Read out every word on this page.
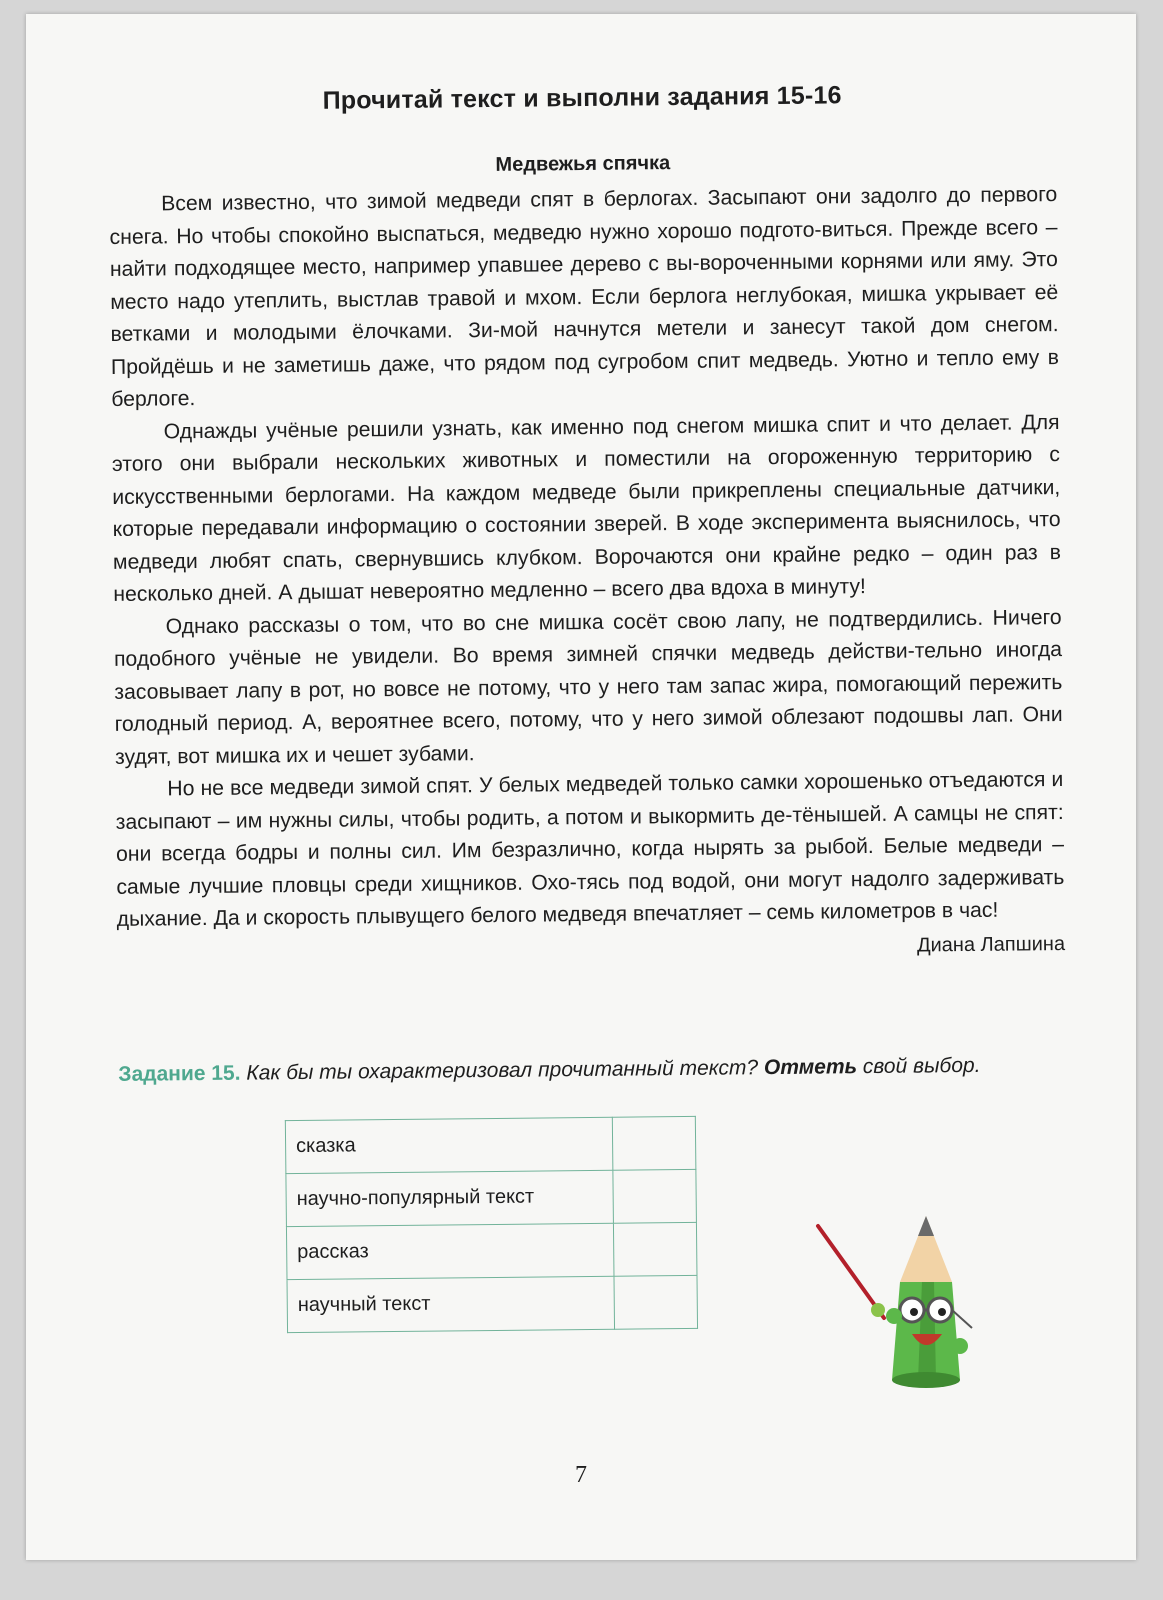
Прочитай текст и выполни задания 15-16
Медвежья спячка

Всем известно, что зимой медведи спят в берлогах. Засыпают они задолго до первого снега. Но чтобы спокойно выспаться, медведю нужно хорошо подгото-виться. Прежде всего – найти подходящее место, например упавшее дерево с вы-вороченными корнями или яму. Это место надо утеплить, выстлав травой и мхом. Если берлога неглубокая, мишка укрывает её ветками и молодыми ёлочками. Зи-мой начнутся метели и занесут такой дом снегом. Пройдёшь и не заметишь даже, что рядом под сугробом спит медведь. Уютно и тепло ему в берлоге.

Однажды учёные решили узнать, как именно под снегом мишка спит и что делает. Для этого они выбрали нескольких животных и поместили на огороженную территорию с искусственными берлогами. На каждом медведе были прикреплены специальные датчики, которые передавали информацию о состоянии зверей. В ходе эксперимента выяснилось, что медведи любят спать, свернувшись клубком. Ворочаются они крайне редко – один раз в несколько дней. А дышат невероятно медленно – всего два вдоха в минуту!

Однако рассказы о том, что во сне мишка сосёт свою лапу, не подтвердились. Ничего подобного учёные не увидели. Во время зимней спячки медведь действи-тельно иногда засовывает лапу в рот, но вовсе не потому, что у него там запас жира, помогающий пережить голодный период. А, вероятнее всего, потому, что у него зимой облезают подошвы лап. Они зудят, вот мишка их и чешет зубами.

Но не все медведи зимой спят. У белых медведей только самки хорошенько отъедаются и засыпают – им нужны силы, чтобы родить, а потом и выкормить де-тёнышей. А самцы не спят: они всегда бодры и полны сил. Им безразлично, когда нырять за рыбой. Белые медведи – самые лучшие пловцы среди хищников. Охо-тясь под водой, они могут надолго задерживать дыхание. Да и скорость плывущего белого медведя впечатляет – семь километров в час!

Диана Лапшина
Задание 15. Как бы ты охарактеризовал прочитанный текст? Отметь свой выбор.
сказка	
научно-популярный текст	
рассказ	
научный текст	
7
